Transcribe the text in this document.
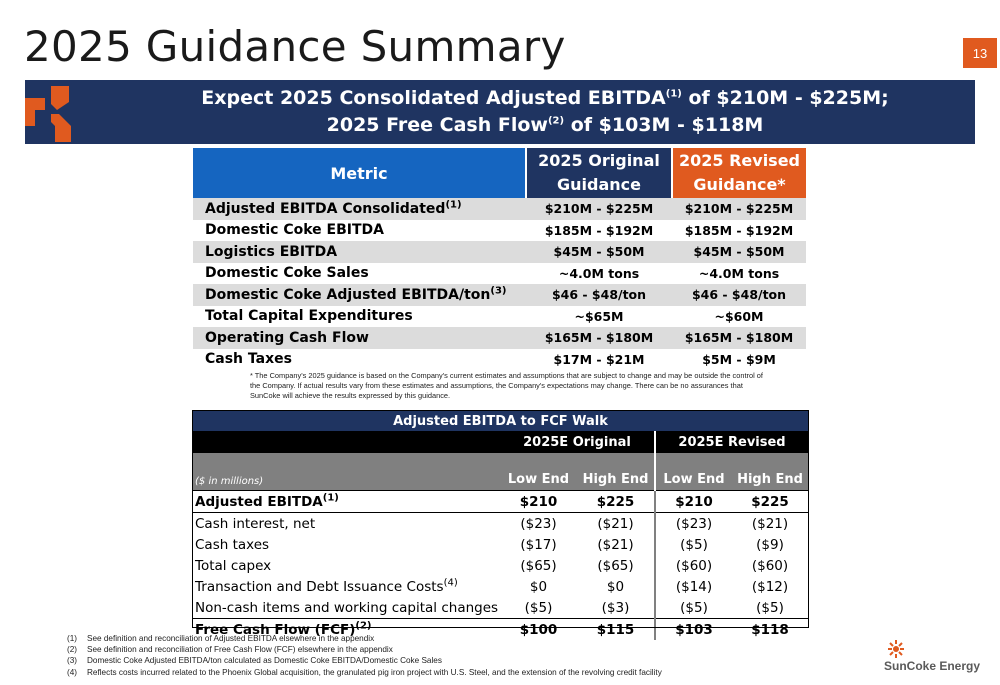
2025 Guidance Summary	13
Expect 2025 Consolidated Adjusted EBITDA$^{(1)}$ of $210M - $225M;
2025 Free Cash Flow$^{(2)}$ of $103M - $118M
Metric	2025 Original Guidance	2025 Revised Guidance*
Adjusted EBITDA Consolidated$^{(1)}$	$210M - $225M	$210M - $225M
Domestic Coke EBITDA	$185M - $192M	$185M - $192M
Logistics EBITDA	$45M - $50M	$45M - $50M
Domestic Coke Sales	~4.0M tons	~4.0M tons
Domestic Coke Adjusted EBITDA/ton$^{(3)}$	$46 - $48/ton	$46 - $48/ton
Total Capital Expenditures	~$65M	~$60M
Operating Cash Flow	$165M - $180M	$165M - $180M
Cash Taxes	$17M - $21M	$5M - $9M
* The Company's 2025 guidance is based on the Company's current estimates and assumptions that are subject to change and may be outside the control of the Company. If actual results vary from these estimates and assumptions, the Company's expectations may change. There can be no assurances that SunCoke will achieve the results expressed by this guidance.
Adjusted EBITDA to FCF Walk				
	2025E Original		2025E Revised	
($ in millions)	Low End	High End	Low End	High End
Adjusted EBITDA$^{(1)}$	$210	$225	$210	$225
Cash interest, net	($23)	($21)	($23)	($21)
Cash taxes	($17)	($21)	($5)	($9)
Total capex	($65)	($65)	($60)	($60)
Transaction and Debt Issuance Costs$^{(4)}$	$0	$0	($14)	($12)
Non-cash items and working capital changes	($5)	($3)	($5)	($5)
Free Cash Flow (FCF)$^{(2)}$	$100	$115	$103	$118
(1)	See definition and reconciliation of Adjusted EBITDA elsewhere in the appendix
(2)	See definition and reconciliation of Free Cash Flow (FCF) elsewhere in the appendix
(3)	Domestic Coke Adjusted EBITDA/ton calculated as Domestic Coke EBITDA/Domestic Coke Sales
(4)	Reflects costs incurred related to the Phoenix Global acquisition, the granulated pig iron project with U.S. Steel, and the extension of the revolving credit facility	SunCoke Energy
